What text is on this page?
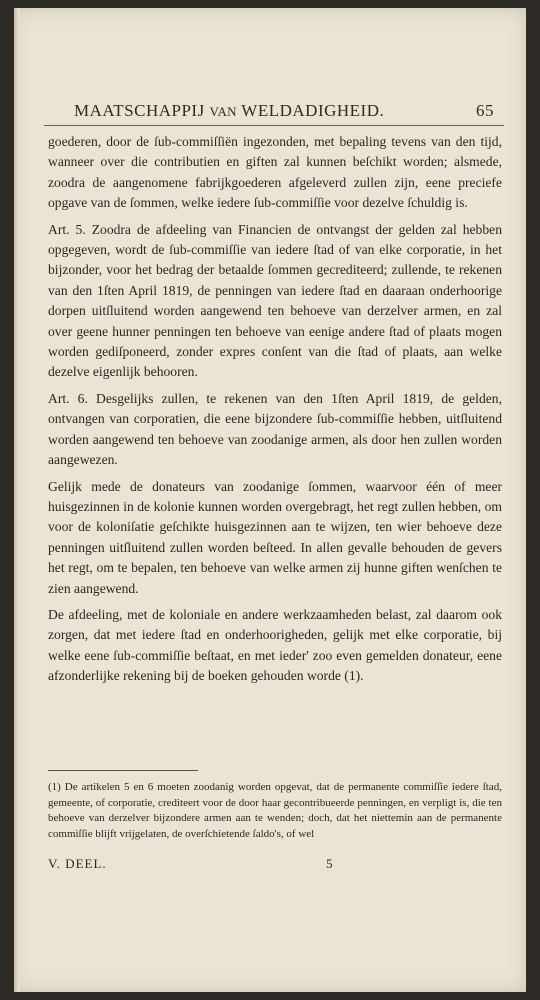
MAATSCHAPPIJ VAN WELDADIGHEID.	65

goederen, door de ſub-commiſſiën ingezonden, met bepaling tevens van den tijd, wanneer over die contributien en giften zal kunnen beſchikt worden; alsmede, zoodra de aangenomene fabrijkgoederen afgeleverd zullen zijn, eene preciefe opgave van de ſommen, welke iedere ſub-commiſſie voor dezelve ſchuldig is.

Art. 5. Zoodra de afdeeling van Financien de ontvangst der gelden zal hebben opgegeven, wordt de ſub-commiſſie van iedere ſtad of van elke corporatie, in het bijzonder, voor het bedrag der betaalde ſommen gecrediteerd; zullende, te rekenen van den 1ſten April 1819, de penningen van iedere ſtad en daaraan onderhoorige dorpen uitſluitend worden aangewend ten behoeve van derzelver armen, en zal over geene hunner penningen ten behoeve van eenige andere ſtad of plaats mogen worden gediſponeerd, zonder expres conſent van die ſtad of plaats, aan welke dezelve eigenlijk behooren.

Art. 6. Desgelijks zullen, te rekenen van den 1ſten April 1819, de gelden, ontvangen van corporatien, die eene bijzondere ſub-commiſſie hebben, uitſluitend worden aangewend ten behoeve van zoodanige armen, als door hen zullen worden aangewezen.

Gelijk mede de donateurs van zoodanige ſommen, waarvoor één of meer huisgezinnen in de kolonie kunnen worden overgebragt, het regt zullen hebben, om voor de koloniſatie geſchikte huisgezinnen aan te wijzen, ten wier behoeve deze penningen uitſluitend zullen worden beſteed. In allen gevalle behouden de gevers het regt, om te bepalen, ten behoeve van welke armen zij hunne giften wenſchen te zien aangewend.

De afdeeling, met de koloniale en andere werkzaamheden belast, zal daarom ook zorgen, dat met iedere ſtad en onderhoorigheden, gelijk met elke corporatie, bij welke eene ſub-commiſſie beſtaat, en met ieder' zoo even gemelden donateur, eene afzonderlijke rekening bij de boeken gehouden worde (1).

(1) De artikelen 5 en 6 moeten zoodanig worden opgevat, dat de permanente commiſſie iedere ſtad, gemeente, of corporatie, crediteert voor de door haar gecontribueerde penningen, en verpligt is, die ten behoeve van derzelver bijzondere armen aan te wenden; doch, dat het niettemin aan de permanente commiſſie blijft vrijgelaten, de overſchietende ſaldo's, of wel
V. DEEL.	5
